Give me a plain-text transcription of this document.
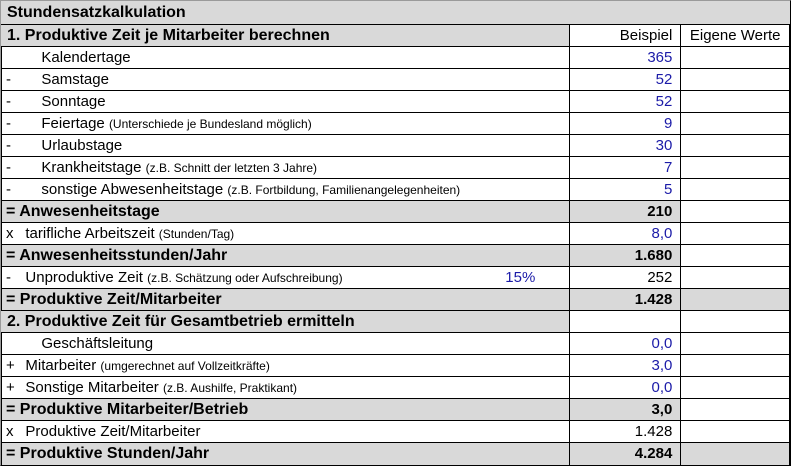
Stundensatzkalkulation
1. Produktive Zeit je Mitarbeiter berechnen	Beispiel	Eigene Werte
Kalendertage	365
-	Samstage	52
-	Sonntage	52
-	Feiertage (Unterschiede je Bundesland möglich)	9
-	Urlaubstage	30
-	Krankheitstage (z.B. Schnitt der letzten 3 Jahre)	7
-	sonstige Abwesenheitstage (z.B. Fortbildung, Familienangelegenheiten)	5
= Anwesenheitstage	210
x tarifliche Arbeitszeit (Stunden/Tag)	8,0
= Anwesenheitsstunden/Jahr	1.680
- Unproduktive Zeit (z.B. Schätzung oder Aufschreibung)	15%	252
= Produktive Zeit/Mitarbeiter	1.428
2. Produktive Zeit für Gesamtbetrieb ermitteln
Geschäftsleitung	0,0
+ Mitarbeiter (umgerechnet auf Vollzeitkräfte)	3,0
+ Sonstige Mitarbeiter (z.B. Aushilfe, Praktikant)	0,0
= Produktive Mitarbeiter/Betrieb	3,0
x Produktive Zeit/Mitarbeiter	1.428
= Produktive Stunden/Jahr	4.284
